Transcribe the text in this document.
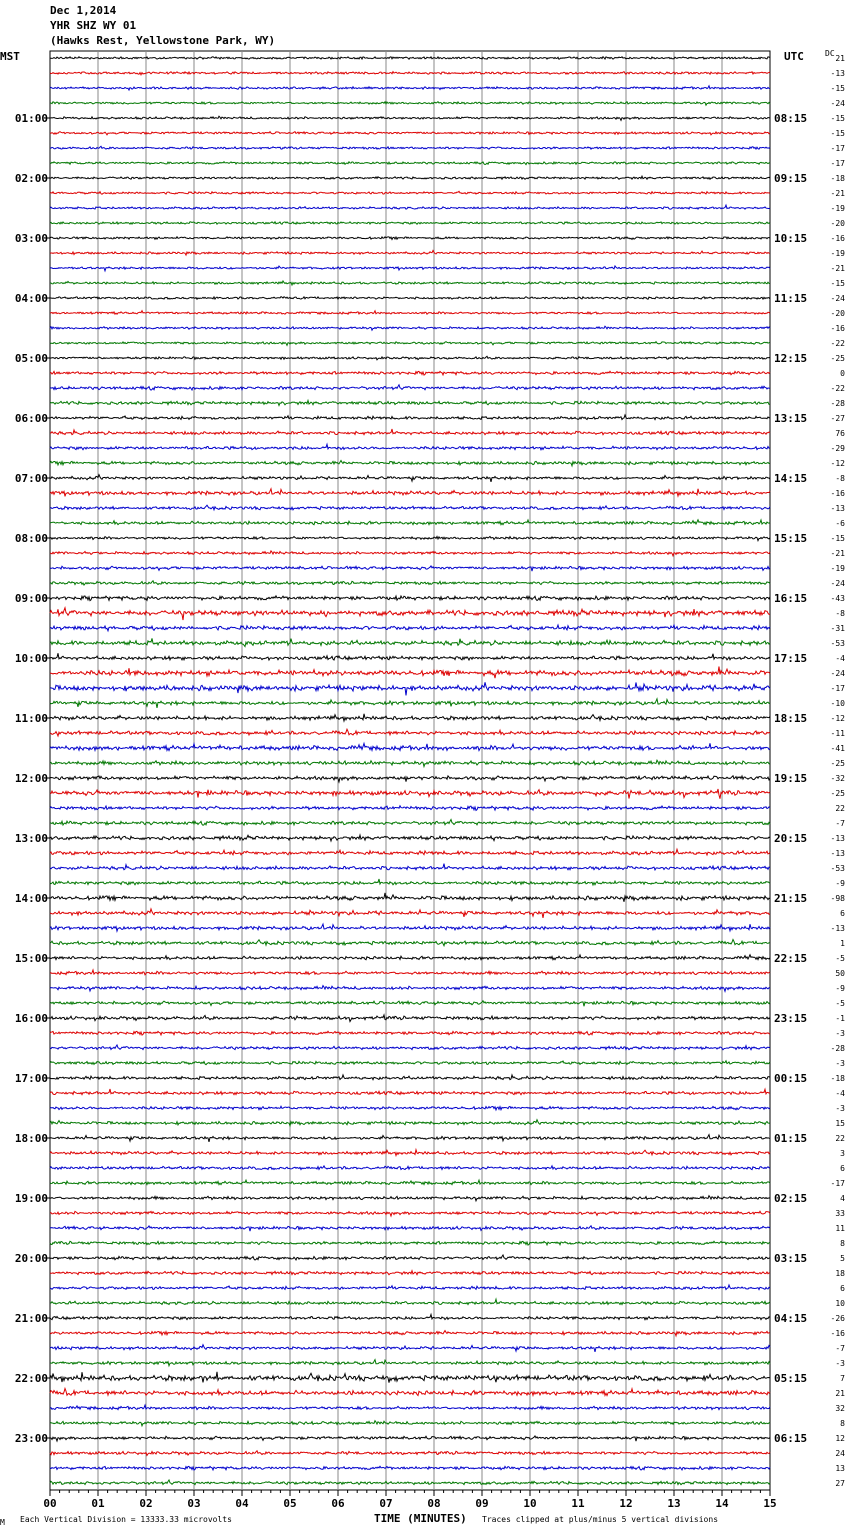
Dec 1,2014
YHR SHZ WY 01
(Hawks Rest, Yellowstone Park, WY)
MST	UTC	DC
00	01	02	03	04	05	06	07	08	09	10	11	12	13	14	15
21
-13
-15
-24
-15
-15
-17
-17
-18
-21
-19
-20
-16
-19
-21
-15
-24
-20
-16
-22
-25
0
-22
-28
-27
76
-29
-12
-8
-16
-13
-6
-15
-21
-19
-24
-43
-8
-31
-53
-4
-24
-17
-10
-12
-11
-41
-25
-32
-25
22
-7
-13
-13
-53
-9
-98
6
-13
1
-5
50
-9
-5
-1
-3
-28
-3
-18
-4
-3
15
22
3
6
-17
4
33
11
8
5
18
6
10
-26
-16
-7
-3
7
21
32
8
12
24
13
27
01:00
02:00
03:00
04:00
05:00
06:00
07:00
08:00
09:00
10:00
11:00
12:00
13:00
14:00
15:00
16:00
17:00
18:00
19:00
20:00
21:00
22:00
23:00
08:15
09:15
10:15
11:15
12:15
13:15
14:15
15:15
16:15
17:15
18:15
19:15
20:15
21:15
22:15
23:15
00:15
01:15
02:15
03:15
04:15
05:15
06:15
M Each Vertical Division = 13333.33 microvolts	TIME (MINUTES) Traces clipped at plus/minus 5 vertical divisions
